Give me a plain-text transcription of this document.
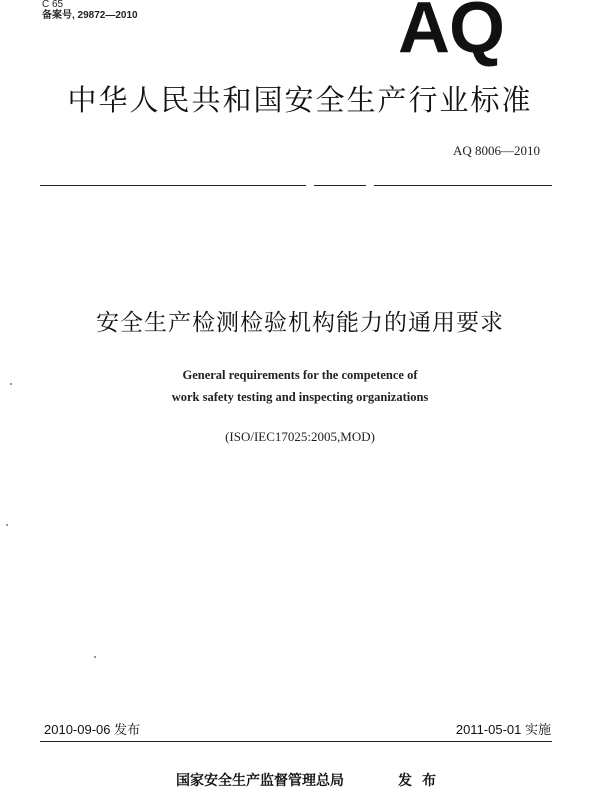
C 65
备案号, 29872—2010	AQ
中华人民共和国安全生产行业标准
AQ 8006—2010
安全生产检测检验机构能力的通用要求
General requirements for the competence of
work safety testing and inspecting organizations
(ISO/IEC17025:2005,MOD)
2010-09-06 发布	2011-05-01 实施
国家安全生产监督管理总局	发布
